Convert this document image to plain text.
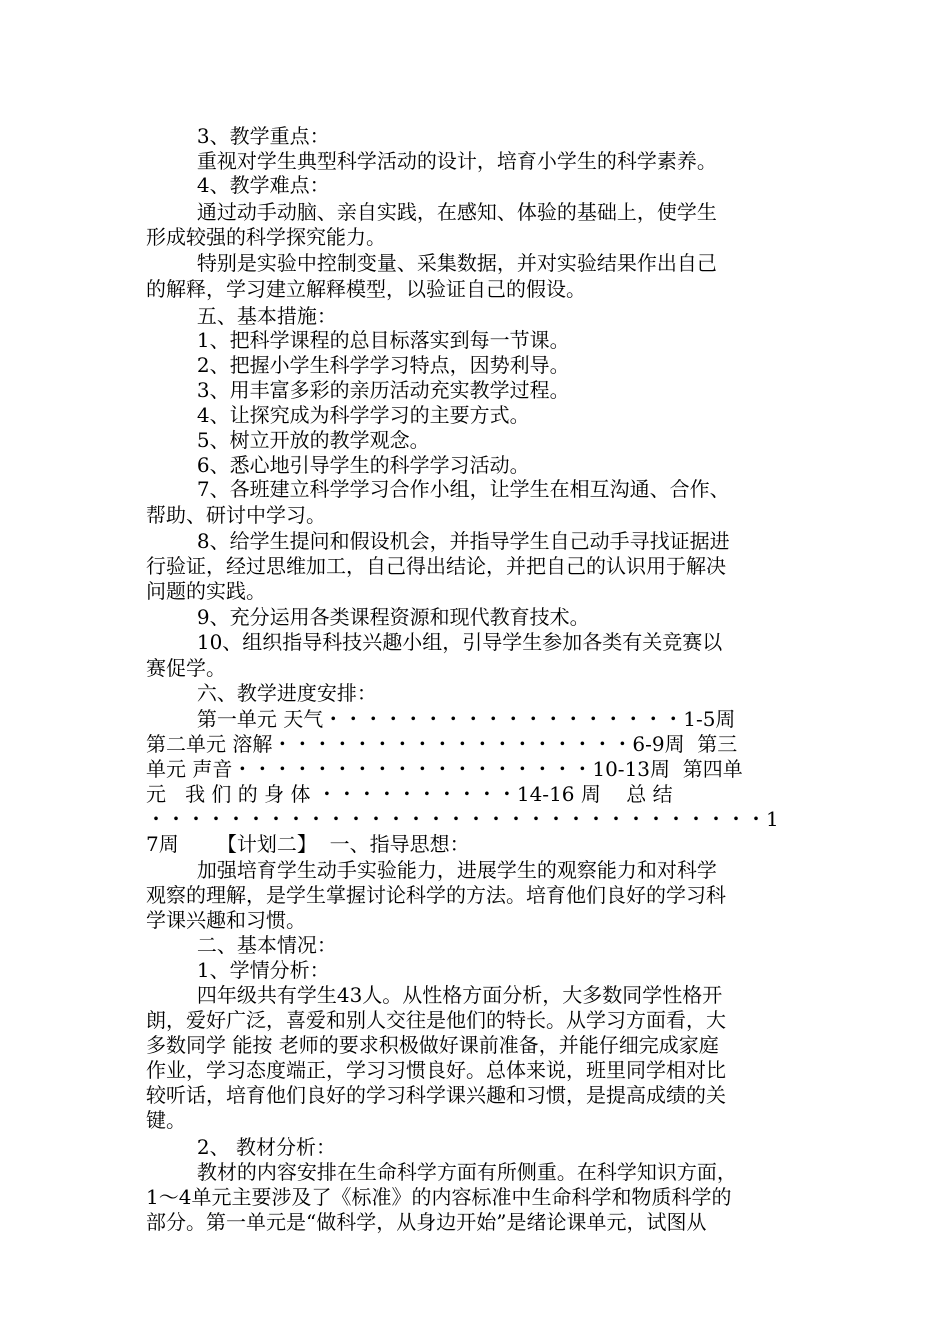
3、教学重点：
重视对学生典型科学活动的设计，培育小学生的科学素养。
4、教学难点：
通过动手动脑、亲自实践，在感知、体验的基础上，使学生
形成较强的科学探究能力。
特别是实验中控制变量、采集数据，并对实验结果作出自己
的解释，学习建立解释模型，以验证自己的假设。
五、基本措施：
1、把科学课程的总目标落实到每一节课。
2、把握小学生科学学习特点，因势利导。
3、用丰富多彩的亲历活动充实教学过程。
4、让探究成为科学学习的主要方式。
5、树立开放的教学观念。
6、悉心地引导学生的科学学习活动。
7、各班建立科学学习合作小组，让学生在相互沟通、合作、
帮助、研讨中学习。
8、给学生提问和假设机会，并指导学生自己动手寻找证据进
行验证，经过思维加工，自己得出结论，并把自己的认识用于解决
问题的实践。
9、充分运用各类课程资源和现代教育技术。
10、组织指导科技兴趣小组，引导学生参加各类有关竞赛以
赛促学。
六、教学进度安排：
第一单元 天气・・・・・・・・・・・・・・・・・・1-5周
第二单元 溶解・・・・・・・・・・・・・・・・・・6-9周  第三
单元 声音・・・・・・・・・・・・・・・・・・10-13周  第四单
元   我 们 的 身 体 ・・・・・・・・・・14-16 周    总 结
・・・・・・・・・・・・・・・・・・・・・・・・・・・・・・・1
7周      【计划二】  一、指导思想：
加强培育学生动手实验能力，进展学生的观察能力和对科学
观察的理解，是学生掌握讨论科学的方法。培育他们良好的学习科
学课兴趣和习惯。
二、基本情况：
1、学情分析：
四年级共有学生43人。从性格方面分析，大多数同学性格开
朗，爱好广泛，喜爱和别人交往是他们的特长。从学习方面看，大
多数同学 能按 老师的要求积极做好课前准备，并能仔细完成家庭
作业，学习态度端正，学习习惯良好。总体来说，班里同学相对比
较听话，培育他们良好的学习科学课兴趣和习惯，是提高成绩的关
键。
2、 教材分析：
教材的内容安排在生命科学方面有所侧重。在科学知识方面，
1～4单元主要涉及了《标准》的内容标准中生命科学和物质科学的
部分。第一单元是“做科学，从身边开始”是绪论课单元，试图从
